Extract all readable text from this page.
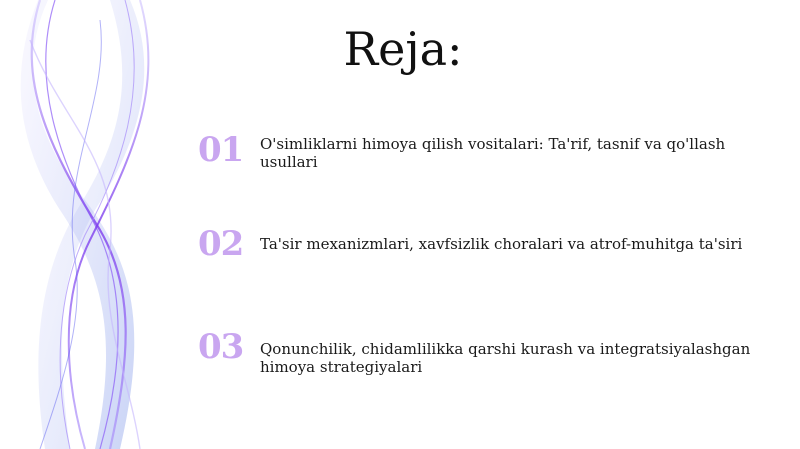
Reja:
01	O'simliklarni himoya qilish vositalari: Ta'rif, tasnif va qo'llash usullari
02	Ta'sir mexanizmlari, xavfsizlik choralari va atrof-muhitga ta'siri
03	Qonunchilik, chidamlilikka qarshi kurash va integratsiyalashgan himoya strategiyalari
